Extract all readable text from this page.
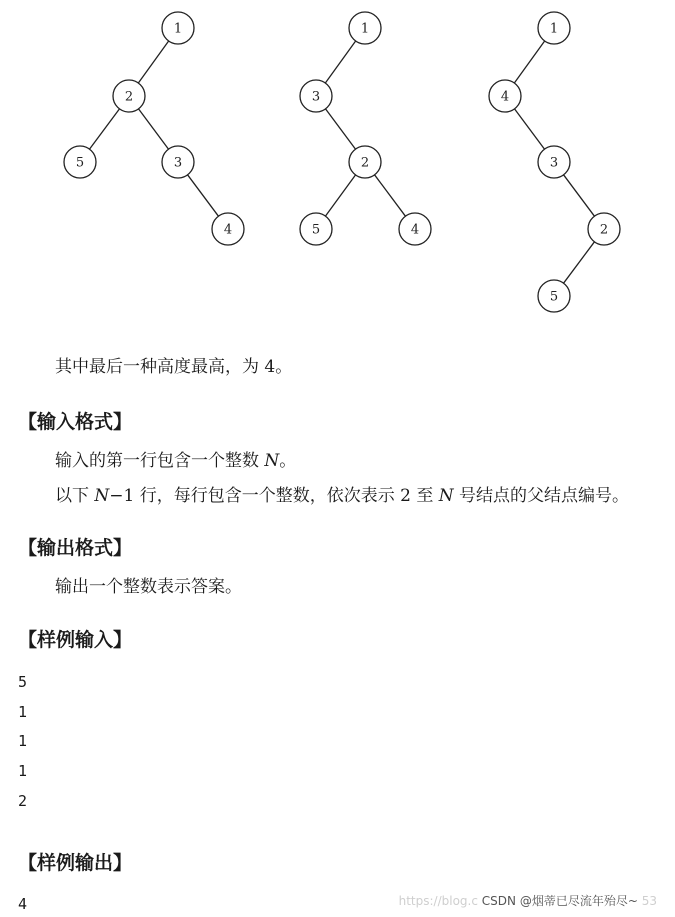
1
2
5	3
4
1
3
2
5	4
1
4
3
2
5
其中最后一种高度最高，为 4。
【输入格式】
输入的第一行包含一个整数 N。
以下 N−1 行，每行包含一个整数，依次表示 2 至 N 号结点的父结点编号。
【输出格式】
输出一个整数表示答案。
【样例输入】
5
1
1
1
2
【样例输出】
4	https://blog.c CSDN @烟蒂已尽流年殆尽~ 53
